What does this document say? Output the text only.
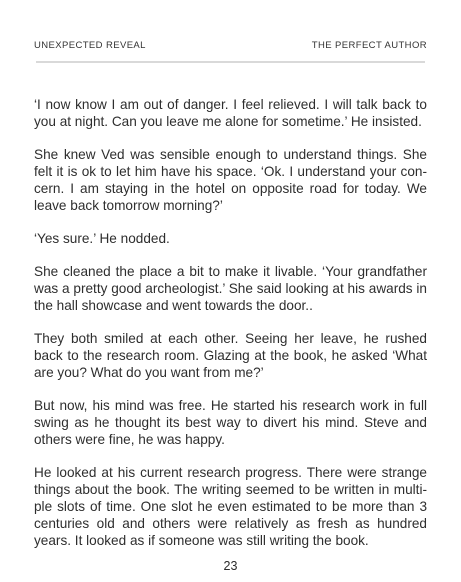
UNEXPECTED REVEAL	THE PERFECT AUTHOR

‘I now know I am out of danger. I feel relieved. I will talk back to you at night. Can you leave me alone for sometime.’ He insisted.

She knew Ved was sensible enough to understand things. She felt it is ok to let him have his space. ‘Ok. I understand your con-cern. I am staying in the hotel on opposite road for today. We leave back tomorrow morning?’

‘Yes sure.’ He nodded.

She cleaned the place a bit to make it livable. ‘Your grandfather was a pretty good archeologist.’ She said looking at his awards in the hall showcase and went towards the door..

They both smiled at each other. Seeing her leave, he rushed back to the research room. Glazing at the book, he asked ‘What are you? What do you want from me?’

But now, his mind was free. He started his research work in full swing as he thought its best way to divert his mind. Steve and others were fine, he was happy.

He looked at his current research progress. There were strange things about the book. The writing seemed to be written in multi-ple slots of time. One slot he even estimated to be more than 3 centuries old and others were relatively as fresh as hundred years. It looked as if someone was still writing the book.

23
